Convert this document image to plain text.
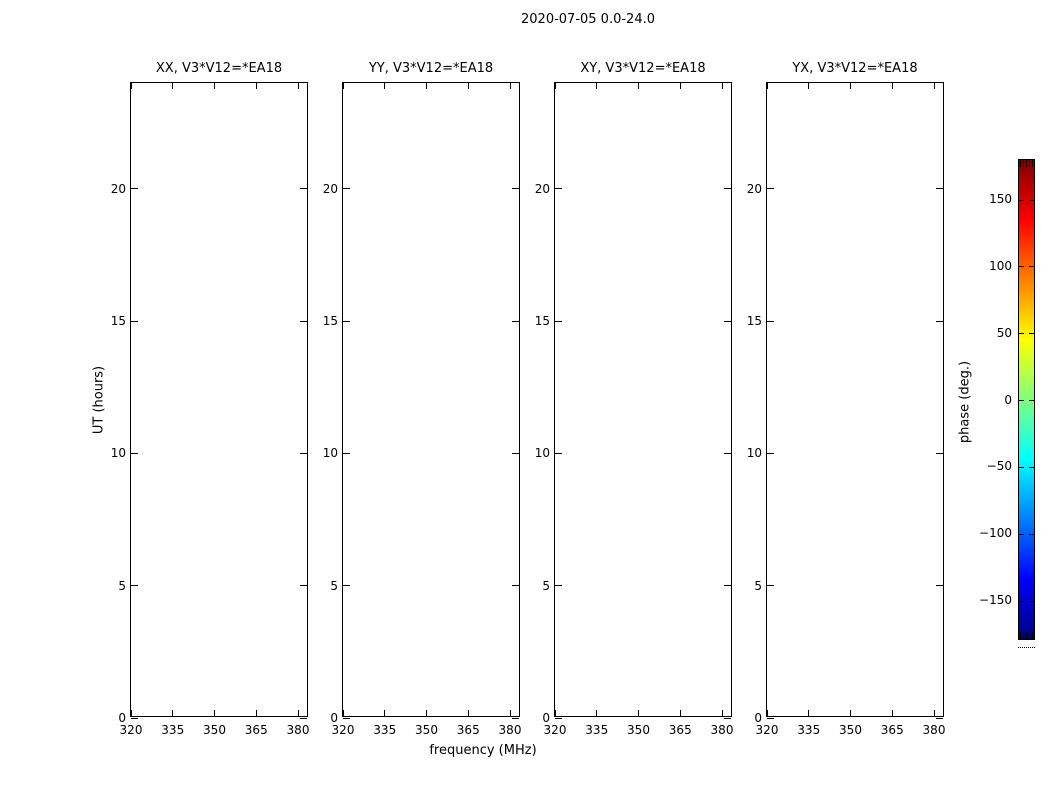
2020-07-05 0.0-24.0
XX, V3*V12=*EA18
320 335 350 365 380
0
5
10
15
20
YY, V3*V12=*EA18
320 335 350 365 380
0
5
10
15
20
XY, V3*V12=*EA18
320 335 350 365 380
0
5
10
15
20
YX, V3*V12=*EA18
320 335 350 365 380
0
5
10
15
20
UT (hours)
frequency (MHz)
phase (deg.)
150
100
50
0
−50
−100
−150
